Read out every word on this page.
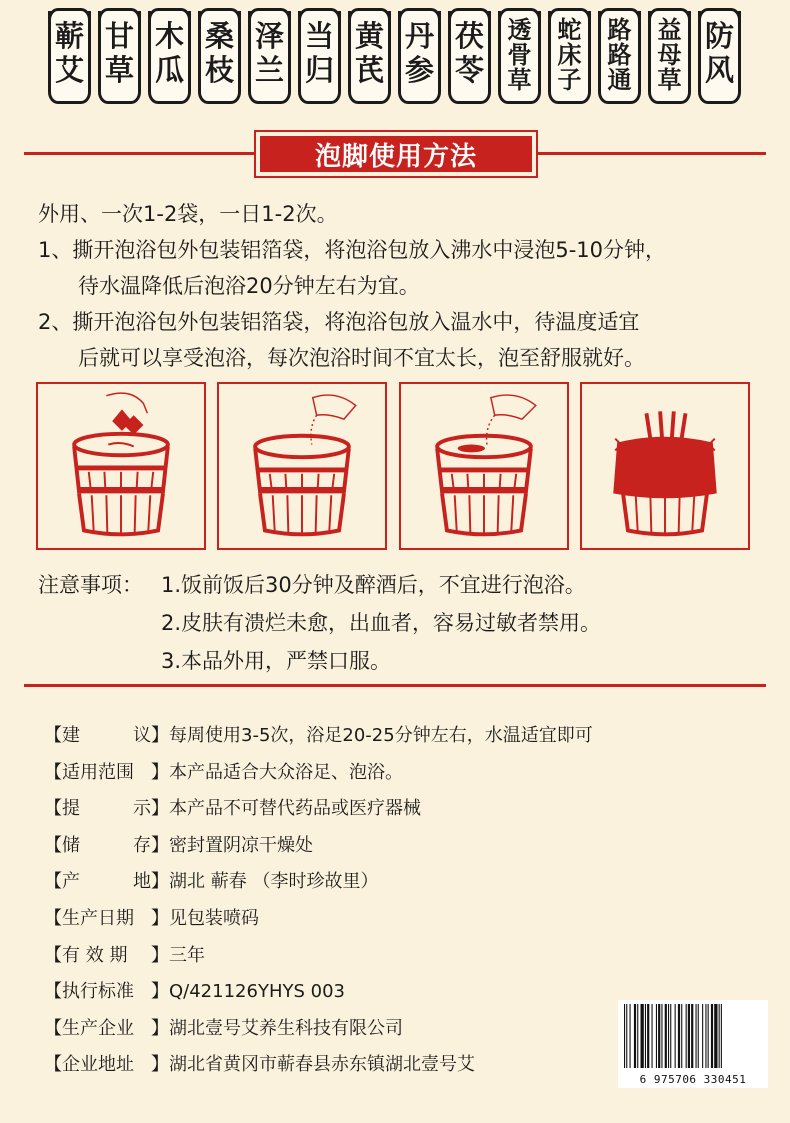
蕲艾
甘草
木瓜
桑枝
泽兰
当归
黄芪
丹参
茯苓
透骨草
蛇床子
路路通
益母草
防风
泡脚使用方法
外用、一次1-2袋，一日1-2次。
1、撕开泡浴包外包装铝箔袋，将泡浴包放入沸水中浸泡5-10分钟，
待水温降低后泡浴20分钟左右为宜。
2、撕开泡浴包外包装铝箔袋，将泡浴包放入温水中，待温度适宜
后就可以享受泡浴，每次泡浴时间不宜太长，泡至舒服就好。
注意事项： 1.饭前饭后30分钟及醉酒后，不宜进行泡浴。
2.皮肤有溃烂未愈，出血者，容易过敏者禁用。
3.本品外用，严禁口服。
【建	议】 每周使用3-5次，浴足20-25分钟左右，水温适宜即可
【适用范围 】 本产品适合大众浴足、泡浴。
【提	示】 本产品不可替代药品或医疗器械
【储	存】 密封置阴凉干燥处
【产	地】 湖北 蕲春 （李时珍故里）
【生产日期 】 见包装喷码
【有 效 期 】 三年
【执行标准 】 Q/421126YHYS 003
【生产企业 】 湖北壹号艾养生科技有限公司
【企业地址 】 湖北省黄冈市蕲春县赤东镇湖北壹号艾
6 975706 330451
